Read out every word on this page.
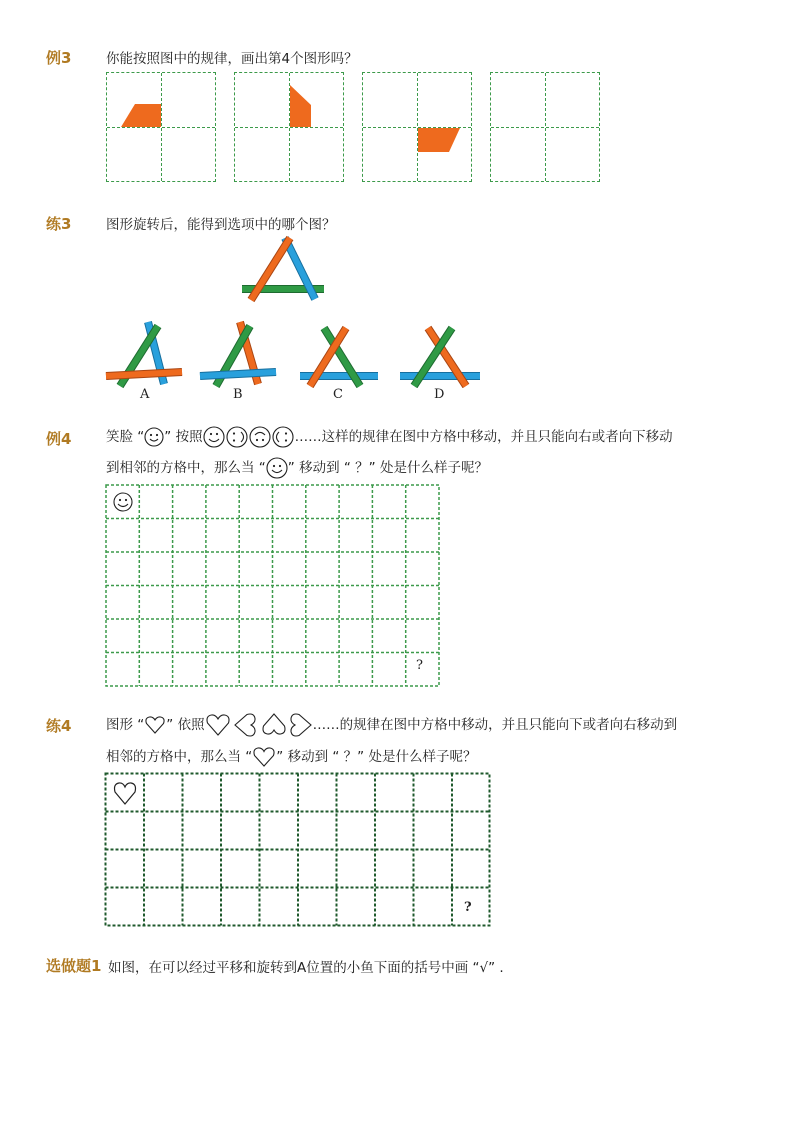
例3	你能按照图中的规律，画出第4个图形吗？
练3	图形旋转后，能得到选项中的哪个图？
A	B	C	D
例4	笑脸 “ ” 按照	……这样的规律在图中方格中移动，并且只能向右或者向下移动
到相邻的方格中，那么当 “ ” 移动到 “ ？” 处是什么样子呢？
?
练4	图形 “ ” 依照	……的规律在图中方格中移动，并且只能向下或者向右移动到
相邻的方格中，那么当 “ ” 移动到 “ ？” 处是什么样子呢？
?
选做题1 如图，在可以经过平移和旋转到A位置的小鱼下面的括号中画 “√” .
